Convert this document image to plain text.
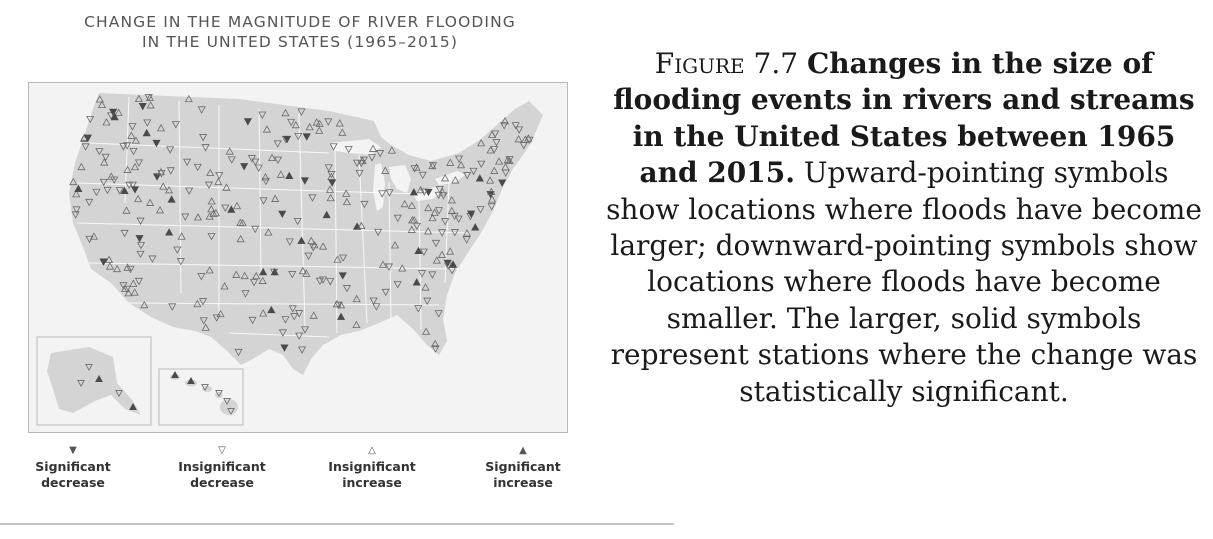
CHANGE IN THE MAGNITUDE OF RIVER FLOODING
IN THE UNITED STATES (1965–2015)
▼
Significant
decrease
▽
Insignificant
decrease
△
Insignificant
increase
▲
Significant
increase
Figure 7.7 Changes in the size of flooding events in rivers and streams in the United States between 1965 and 2015. Upward-pointing symbols show locations where floods have become larger; downward-pointing symbols show locations where floods have become smaller. The larger, solid symbols represent stations where the change was statistically significant.
